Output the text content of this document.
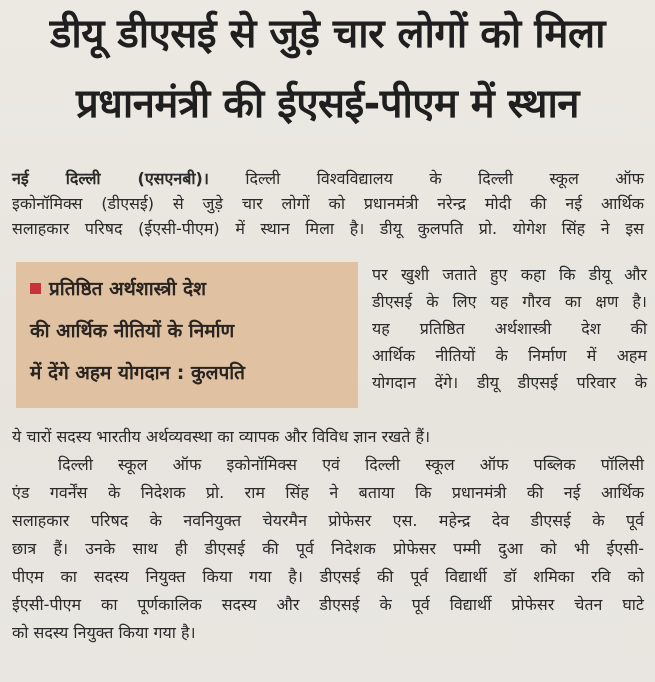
डीयू डीएसई से जुड़े चार लोगों को मिला
प्रधानमंत्री की ईएसई-पीएम में स्थान
नई दिल्ली (एसएनबी)। दिल्ली विश्वविद्यालय के दिल्ली स्कूल ऑफ
इकोनॉमिक्स (डीएसई) से जुड़े चार लोगों को प्रधानमंत्री नरेन्द्र मोदी की नई आर्थिक
सलाहकार परिषद (ईएसी-पीएम) में स्थान मिला है। डीयू कुलपति प्रो. योगेश सिंह ने इस
पर खुशी जताते हुए कहा कि डीयू और
डीएसई के लिए यह गौरव का क्षण है।
यह प्रतिष्ठित अर्थशास्त्री देश की
आर्थिक नीतियों के निर्माण में अहम
योगदान देंगे। डीयू डीएसई परिवार के
ये चारों सदस्य भारतीय अर्थव्यवस्था का व्यापक और विविध ज्ञान रखते हैं।
दिल्ली स्कूल ऑफ इकोनॉमिक्स एवं दिल्ली स्कूल ऑफ पब्लिक पॉलिसी
एंड गवर्नेंस के निदेशक प्रो. राम सिंह ने बताया कि प्रधानमंत्री की नई आर्थिक
सलाहकार परिषद के नवनियुक्त चेयरमैन प्रोफेसर एस. महेन्द्र देव डीएसई के पूर्व
छात्र हैं। उनके साथ ही डीएसई की पूर्व निदेशक प्रोफेसर पम्मी दुआ को भी ईएसी-
पीएम का सदस्य नियुक्त किया गया है। डीएसई की पूर्व विद्यार्थी डॉ शमिका रवि को
ईएसी-पीएम का पूर्णकालिक सदस्य और डीएसई के पूर्व विद्यार्थी प्रोफेसर चेतन घाटे
को सदस्य नियुक्त किया गया है।
प्रतिष्ठित अर्थशास्त्री देश
की आर्थिक नीतियों के निर्माण
में देंगे अहम योगदान : कुलपति
